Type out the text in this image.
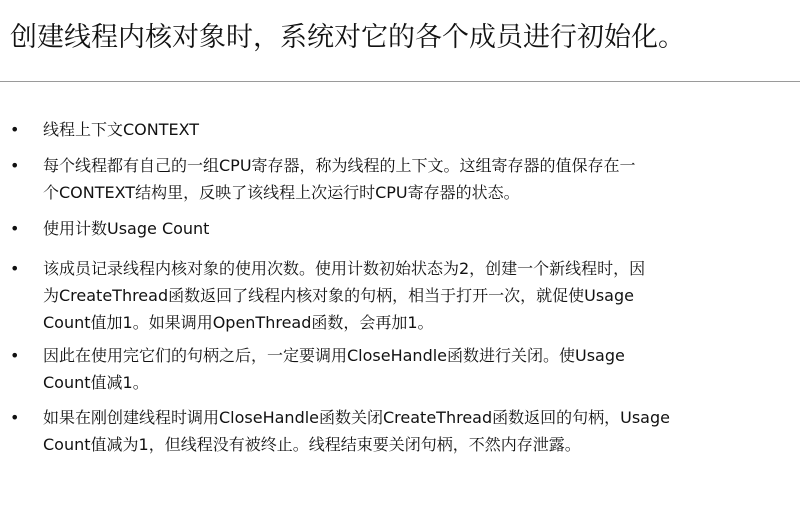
创建线程内核对象时，系统对它的各个成员进行初始化。
• 线程上下文CONTEXT
• 每个线程都有自己的一组CPU寄存器，称为线程的上下文。这组寄存器的值保存在一
个CONTEXT结构里，反映了该线程上次运行时CPU寄存器的状态。
• 使用计数Usage Count
• 该成员记录线程内核对象的使用次数。使用计数初始状态为2，创建一个新线程时，因
为CreateThread函数返回了线程内核对象的句柄，相当于打开一次，就促使Usage
Count值加1。如果调用OpenThread函数，会再加1。
• 因此在使用完它们的句柄之后，一定要调用CloseHandle函数进行关闭。使Usage
Count值减1。
• 如果在刚创建线程时调用CloseHandle函数关闭CreateThread函数返回的句柄，Usage
Count值减为1，但线程没有被终止。线程结束要关闭句柄，不然内存泄露。
